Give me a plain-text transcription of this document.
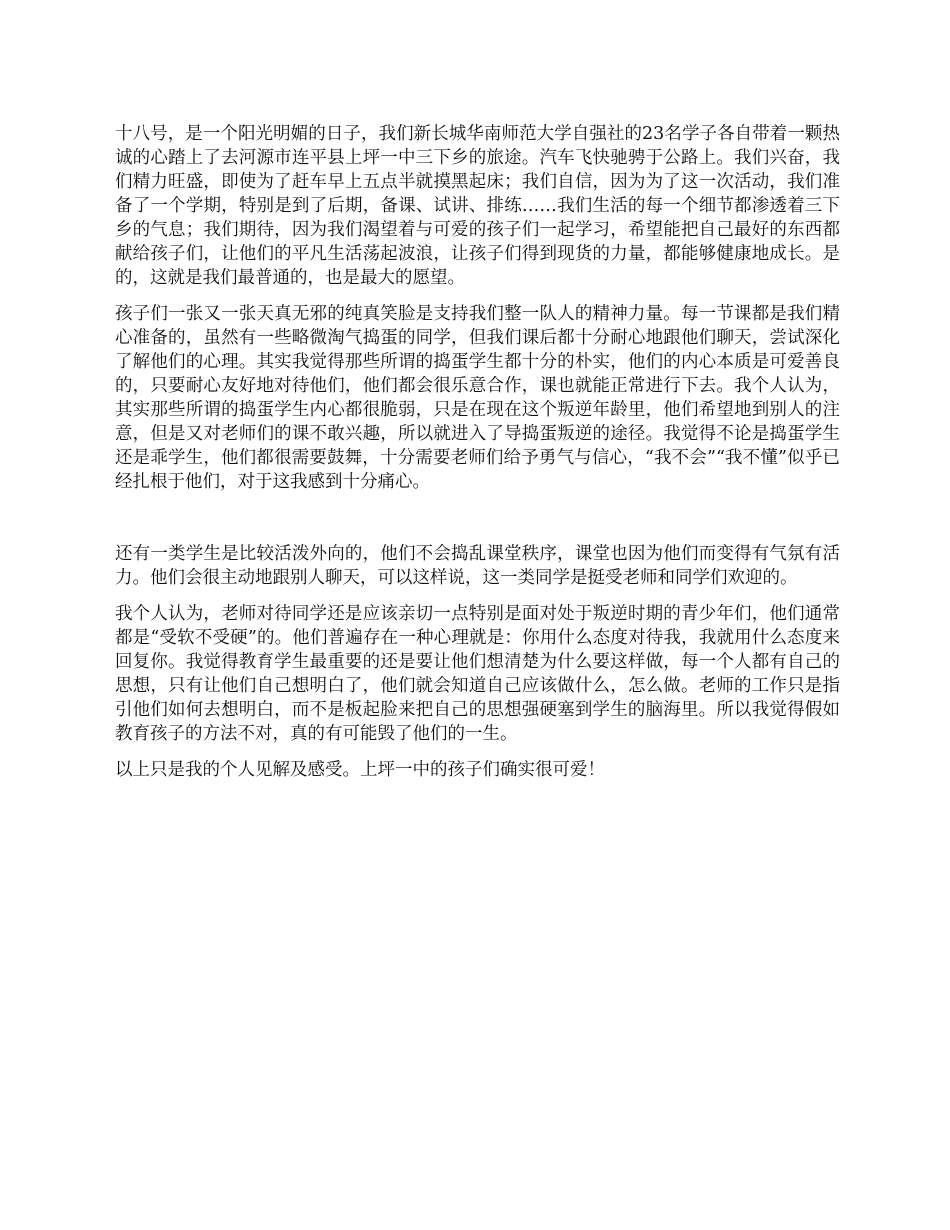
十八号，是一个阳光明媚的日子，我们新长城华南师范大学自强社的23名学子各自带着一颗热诚的心踏上了去河源市连平县上坪一中三下乡的旅途。汽车飞快驰骋于公路上。我们兴奋，我们精力旺盛，即使为了赶车早上五点半就摸黑起床；我们自信，因为为了这一次活动，我们准备了一个学期，特别是到了后期，备课、试讲、排练……我们生活的每一个细节都渗透着三下乡的气息；我们期待，因为我们渴望着与可爱的孩子们一起学习，希望能把自己最好的东西都献给孩子们，让他们的平凡生活荡起波浪，让孩子们得到现货的力量，都能够健康地成长。是的，这就是我们最普通的，也是最大的愿望。

孩子们一张又一张天真无邪的纯真笑脸是支持我们整一队人的精神力量。每一节课都是我们精心准备的，虽然有一些略微淘气捣蛋的同学，但我们课后都十分耐心地跟他们聊天，尝试深化了解他们的心理。其实我觉得那些所谓的捣蛋学生都十分的朴实，他们的内心本质是可爱善良的，只要耐心友好地对待他们，他们都会很乐意合作，课也就能正常进行下去。我个人认为，其实那些所谓的捣蛋学生内心都很脆弱，只是在现在这个叛逆年龄里，他们希望地到别人的注意，但是又对老师们的课不敢兴趣，所以就进入了导捣蛋叛逆的途径。我觉得不论是捣蛋学生还是乖学生，他们都很需要鼓舞，十分需要老师们给予勇气与信心，“我不会”“我不懂”似乎已经扎根于他们，对于这我感到十分痛心。

还有一类学生是比较活泼外向的，他们不会捣乱课堂秩序，课堂也因为他们而变得有气氛有活力。他们会很主动地跟别人聊天，可以这样说，这一类同学是挺受老师和同学们欢迎的。

我个人认为，老师对待同学还是应该亲切一点特别是面对处于叛逆时期的青少年们，他们通常都是“受软不受硬”的。他们普遍存在一种心理就是：你用什么态度对待我，我就用什么态度来回复你。我觉得教育学生最重要的还是要让他们想清楚为什么要这样做，每一个人都有自己的思想，只有让他们自己想明白了，他们就会知道自己应该做什么，怎么做。老师的工作只是指引他们如何去想明白，而不是板起脸来把自己的思想强硬塞到学生的脑海里。所以我觉得假如教育孩子的方法不对，真的有可能毁了他们的一生。

以上只是我的个人见解及感受。上坪一中的孩子们确实很可爱！
